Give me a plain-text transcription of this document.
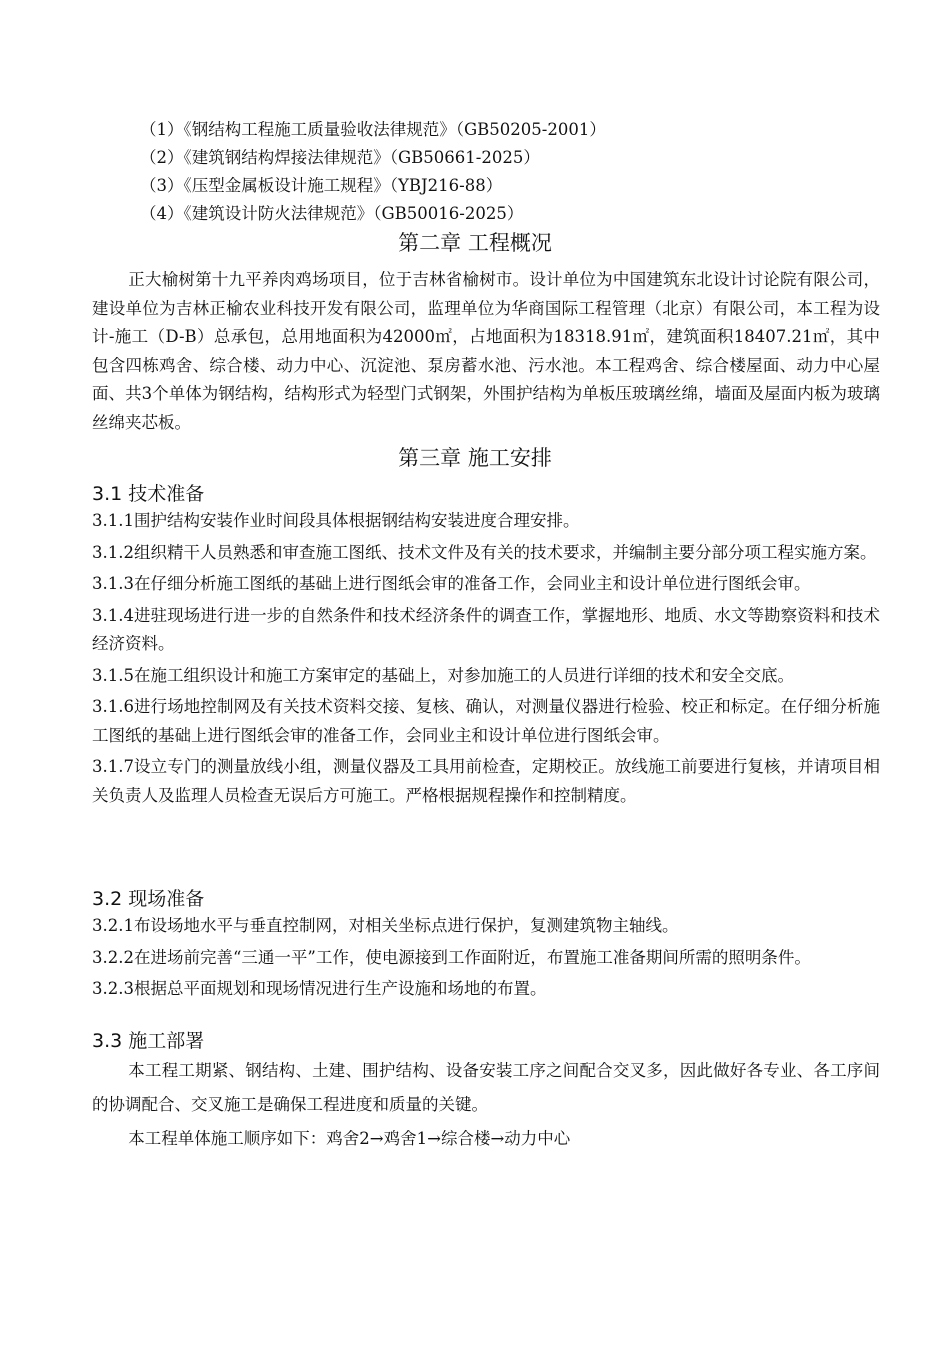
（1）《钢结构工程施工质量验收法律规范》（GB50205-2001）
（2）《建筑钢结构焊接法律规范》（GB50661-2025）
（3）《压型金属板设计施工规程》（YBJ216-88）
（4）《建筑设计防火法律规范》（GB50016-2025）
第二章 工程概况
正大榆树第十九平养肉鸡场项目，位于吉林省榆树市。设计单位为中国建筑东北设计讨论院有限公司，建设单位为吉林正榆农业科技开发有限公司，监理单位为华商国际工程管理（北京）有限公司，本工程为设计-施工（D-B）总承包，总用地面积为42000㎡，占地面积为18318.91㎡，建筑面积18407.21㎡，其中包含四栋鸡舍、综合楼、动力中心、沉淀池、泵房蓄水池、污水池。本工程鸡舍、综合楼屋面、动力中心屋面、共3个单体为钢结构，结构形式为轻型门式钢架，外围护结构为单板压玻璃丝绵，墙面及屋面内板为玻璃丝绵夹芯板。
第三章 施工安排
3.1 技术准备
3.1.1围护结构安装作业时间段具体根据钢结构安装进度合理安排。
3.1.2组织精干人员熟悉和审查施工图纸、技术文件及有关的技术要求，并编制主要分部分项工程实施方案。
3.1.3在仔细分析施工图纸的基础上进行图纸会审的准备工作，会同业主和设计单位进行图纸会审。
3.1.4进驻现场进行进一步的自然条件和技术经济条件的调查工作，掌握地形、地质、水文等勘察资料和技术经济资料。
3.1.5在施工组织设计和施工方案审定的基础上，对参加施工的人员进行详细的技术和安全交底。
3.1.6进行场地控制网及有关技术资料交接、复核、确认，对测量仪器进行检验、校正和标定。在仔细分析施工图纸的基础上进行图纸会审的准备工作，会同业主和设计单位进行图纸会审。
3.1.7设立专门的测量放线小组，测量仪器及工具用前检查，定期校正。放线施工前要进行复核，并请项目相关负责人及监理人员检查无误后方可施工。严格根据规程操作和控制精度。
3.2 现场准备
3.2.1布设场地水平与垂直控制网，对相关坐标点进行保护，复测建筑物主轴线。
3.2.2在进场前完善“三通一平”工作，使电源接到工作面附近，布置施工准备期间所需的照明条件。
3.2.3根据总平面规划和现场情况进行生产设施和场地的布置。
3.3 施工部署
本工程工期紧、钢结构、土建、围护结构、设备安装工序之间配合交叉多，因此做好各专业、各工序间的协调配合、交叉施工是确保工程进度和质量的关键。
本工程单体施工顺序如下：鸡舍2→鸡舍1→综合楼→动力中心
